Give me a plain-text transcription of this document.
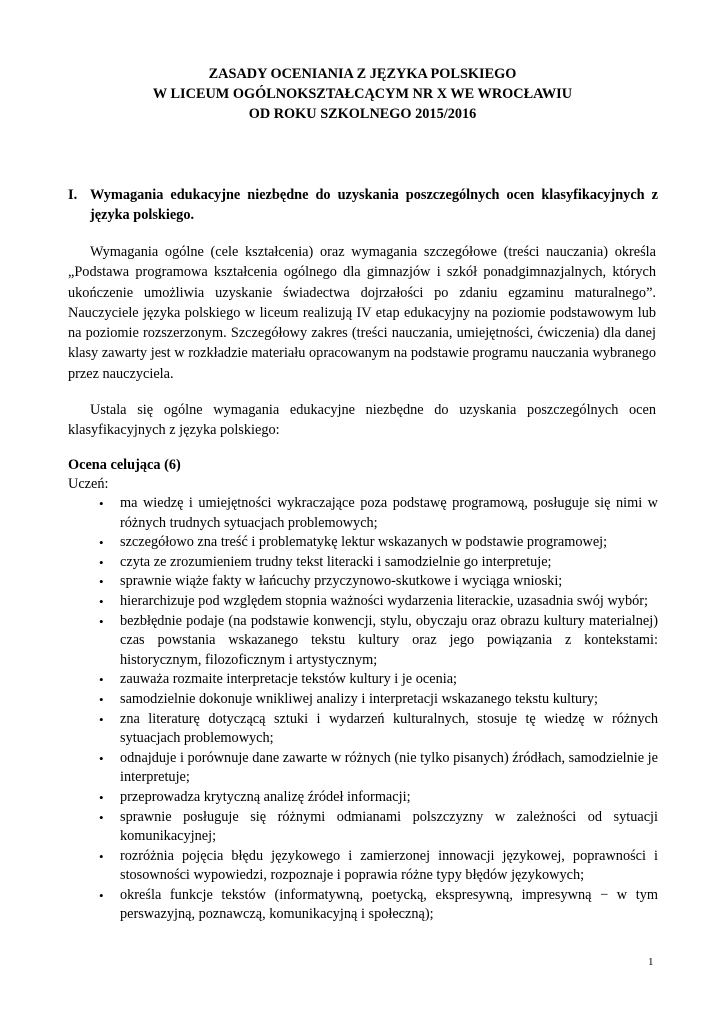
ZASADY OCENIANIA Z JĘZYKA POLSKIEGO
W LICEUM OGÓLNOKSZTAŁCĄCYM NR X WE WROCŁAWIU
OD ROKU SZKOLNEGO 2015/2016
I. Wymagania edukacyjne niezbędne do uzyskania poszczególnych ocen klasyfikacyjnych z języka polskiego.
Wymagania ogólne (cele kształcenia) oraz wymagania szczegółowe (treści nauczania) określa „Podstawa programowa kształcenia ogólnego dla gimnazjów i szkół ponadgimnazjalnych, których ukończenie umożliwia uzyskanie świadectwa dojrzałości po zdaniu egzaminu maturalnego”. Nauczyciele języka polskiego w liceum realizują IV etap edukacyjny na poziomie podstawowym lub na poziomie rozszerzonym. Szczegółowy zakres (treści nauczania, umiejętności, ćwiczenia) dla danej klasy zawarty jest w rozkładzie materiału opracowanym na podstawie programu nauczania wybranego przez nauczyciela.
Ustala się ogólne wymagania edukacyjne niezbędne do uzyskania poszczególnych ocen klasyfikacyjnych z języka polskiego:
Ocena celująca (6)
Uczeń:
• ma wiedzę i umiejętności wykraczające poza podstawę programową, posługuje się nimi w różnych trudnych sytuacjach problemowych;
• szczegółowo zna treść i problematykę lektur wskazanych w podstawie programowej;
• czyta ze zrozumieniem trudny tekst literacki i samodzielnie go interpretuje;
• sprawnie wiąże fakty w łańcuchy przyczynowo-skutkowe i wyciąga wnioski;
• hierarchizuje pod względem stopnia ważności wydarzenia literackie, uzasadnia swój wybór;
• bezbłędnie podaje (na podstawie konwencji, stylu, obyczaju oraz obrazu kultury materialnej) czas powstania wskazanego tekstu kultury oraz jego powiązania z kontekstami: historycznym, filozoficznym i artystycznym;
• zauważa rozmaite interpretacje tekstów kultury i je ocenia;
• samodzielnie dokonuje wnikliwej analizy i interpretacji wskazanego tekstu kultury;
• zna literaturę dotyczącą sztuki i wydarzeń kulturalnych, stosuje tę wiedzę w różnych sytuacjach problemowych;
• odnajduje i porównuje dane zawarte w różnych (nie tylko pisanych) źródłach, samodzielnie je interpretuje;
• przeprowadza krytyczną analizę źródeł informacji;
• sprawnie posługuje się różnymi odmianami polszczyzny w zależności od sytuacji komunikacyjnej;
• rozróżnia pojęcia błędu językowego i zamierzonej innowacji językowej, poprawności i stosowności wypowiedzi, rozpoznaje i poprawia różne typy błędów językowych;
• określa funkcje tekstów (informatywną, poetycką, ekspresywną, impresywną − w tym perswazyjną, poznawczą, komunikacyjną i społeczną);
1
